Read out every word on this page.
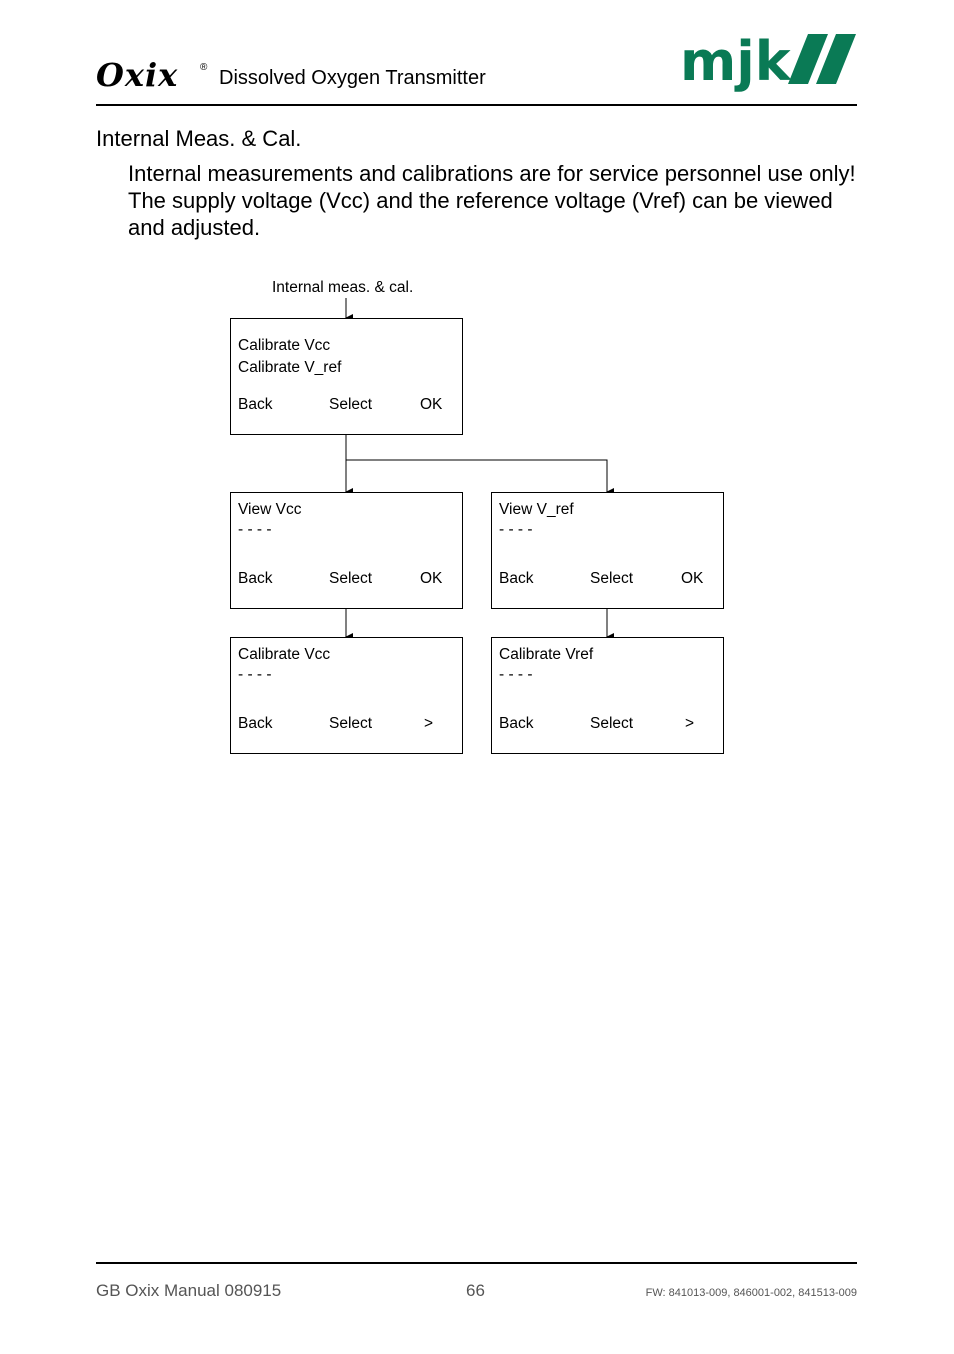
Oxix ® Dissolved Oxygen Transmitter	mjk
Internal Meas. & Cal.
Internal measurements and calibrations are for service personnel use only!
The supply voltage (Vcc) and the reference voltage (Vref) can be viewed
and adjusted.
Internal meas. & cal.
Calibrate Vcc
Calibrate V_ref
Back	Select	OK
View Vcc
- - - -
Back	Select	OK
View V_ref
- - - -
Back	Select	OK
Calibrate Vcc
- - - -
Back	Select	>
Calibrate Vref
- - - -
Back	Select	>
GB Oxix Manual 080915	66	FW: 841013-009, 846001-002, 841513-009
